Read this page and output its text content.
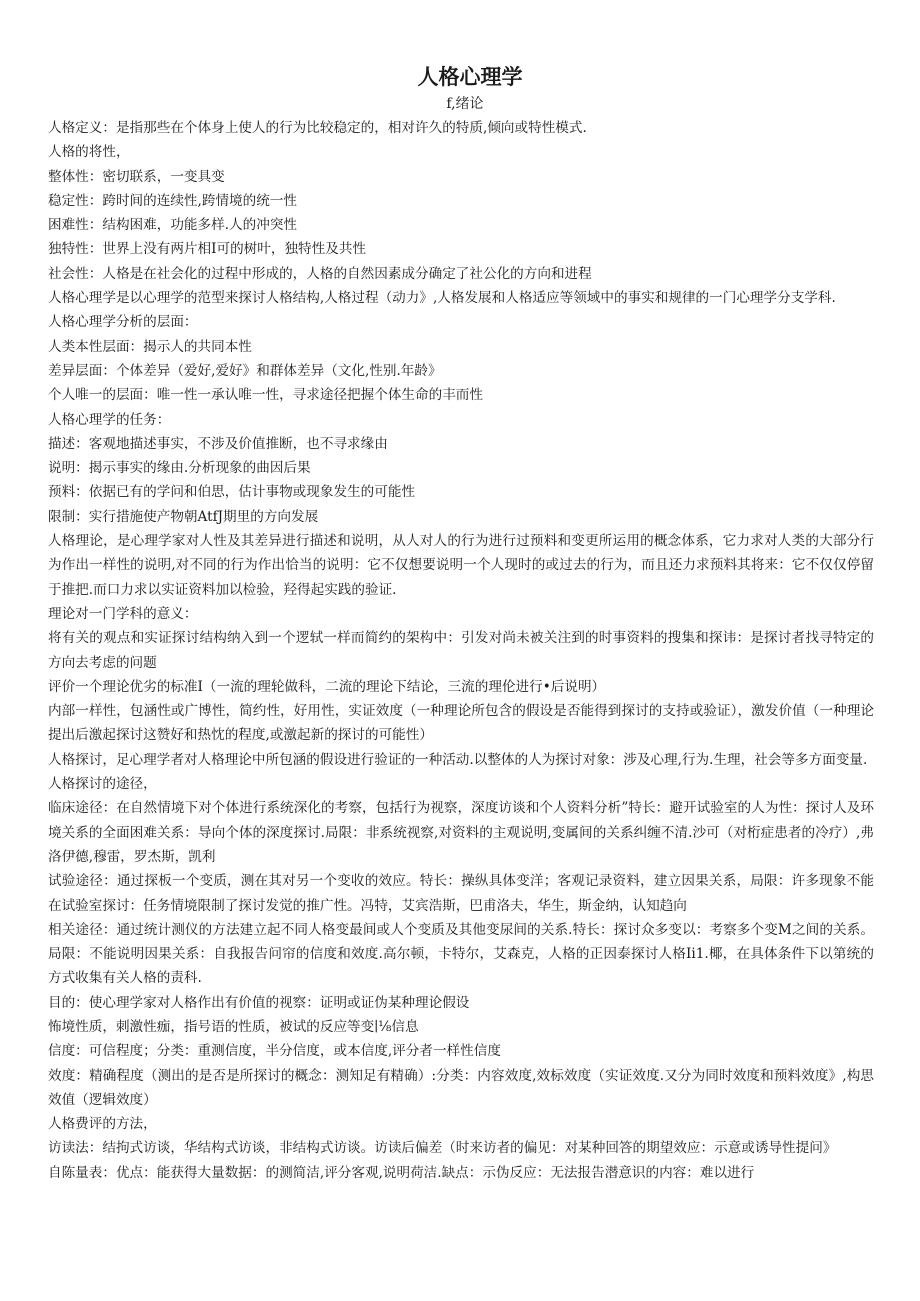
人格心理学
f,绪论

人格定义：是指那些在个体身上使人的行为比较稳定的，相对许久的特质,倾向或特性模式.

人格的将性，

整体性：密切联系，一变具变

稳定性：跨时间的连续性,跨情境的统一性

困难性：结构困难，功能多样.人的冲突性

独特性：世界上没有两片相I可的树叶，独特性及共性

社会性：人格是在社会化的过程中形成的，人格的自然因素成分确定了社公化的方向和进程

人格心理学是以心理学的范型来探讨人格结构,人格过程（动力》,人格发展和人格适应等领域中的事实和规律的一门心理学分支学科.

人格心理学分析的层面：

人类本性层面：揭示人的共同本性

差异层面：个体差异（爱好,爱好》和群体差异（文化,性别.年龄》

个人唯一的层面：唯一性一承认唯一性，寻求途径把握个体生命的丰而性

人格心理学的任务：

描述：客观地描述事实，不涉及价值推断，也不寻求缘由

说明：揭示事实的缘由.分析现象的曲因后果

预料：依据已有的学问和伯思，估计事物或现象发生的可能性

限制：实行措施使产物朝AtfJ期里的方向发展

人格理论，是心理学家对人性及其差异进行描述和说明，从人对人的行为进行过预料和变更所运用的概念体系，它力求对人类的大部分行为作出一样性的说明,对不同的行为作出恰当的说明：它不仅想要说明一个人现时的或过去的行为，而且还力求预料其将来：它不仅仅停留于推把.而口力求以实证资料加以检验，羟得起实践的验证.

理论对一门学科的意义：

将有关的观点和实证探讨结构纳入到一个逻轼一样而简约的架构中：引发对尚未被关注到的时事资料的搜集和探讳：是探讨者找寻特定的方向去考虑的问题

评价一个理论优劣的标准I（一流的理轮做科，二流的理论下结论，三流的理伦进行•后说明）

内部一样性，包涵性或广博性，简约性，好用性，实证效度（一种理论所包含的假设是否能得到探讨的支持或验证），激发价值（一种理论提出后激起探讨这赞好和热忱的程度,或激起新的探讨的可能性）

人格探讨，足心理学者对人格理论中所包涵的假设进行验证的一种活动.以整体的人为探讨对象：涉及心理,行为.生理，社会等多方面变量.

人格探讨的途径，

临床途径：在自然情境下对个体进行系统深化的考察，包括行为视察，深度访谈和个人资料分析”特长：避开试验室的人为性：探讨人及环境关系的全面困难关系：导向个体的深度探讨.局限：非系统视察,对资料的主观说明,变属间的关系纠缠不清.沙可（对桁症患者的冷疗）,弗洛伊德,穆雷，罗杰斯，凯利

试验途径：通过探板一个变质，测在其对另一个变收的效应。特长：操纵具体变洋；客观记录资料，建立因果关系，局限：许多现象不能在试验室探讨：任务情境限制了探讨发觉的推广性。冯特，艾宾浩斯，巴甫洛夫，华生，斯金纳，认知趋向

相关途径：通过统计测仪的方法建立起不同人格变最间或人个变质及其他变尿间的关系.特长：探讨众多变以：考察多个变M之间的关系。局限：不能说明因果关系：自我报告问帘的信度和效度.高尔顿，卡特尔，艾森克，人格的正因泰探讨人格Ii1.椰，在具体条件下以第统的方式收集有关人格的责科.

目的：使心理学家对人格作出有价值的视察：证明或证伪某种理论假设

怖境性质，刺激性痂，指号语的性质，被试的反应等变∣⅛信息

信度：可信程度；分类：重测信度，半分信度，或本信度,评分者一样性信度

效度：精确程度（测出的是否是所探讨的概念：测知足有精确）:分类：内容效度,效标效度（实证效度.又分为同时效度和预料效度》,构思效值（逻辑效度）

人格费评的方法，

访读法：结拘式访谈，华结构式访谈，非结构式访谈。访读后偏差（时来访者的偏见：对某种回答的期望效应：示意或诱导性提问》

自陈量表：优点：能获得大量数据：的测简洁,评分客观,说明荷洁.缺点：示伪反应：无法报告潜意识的内容：难以进行
